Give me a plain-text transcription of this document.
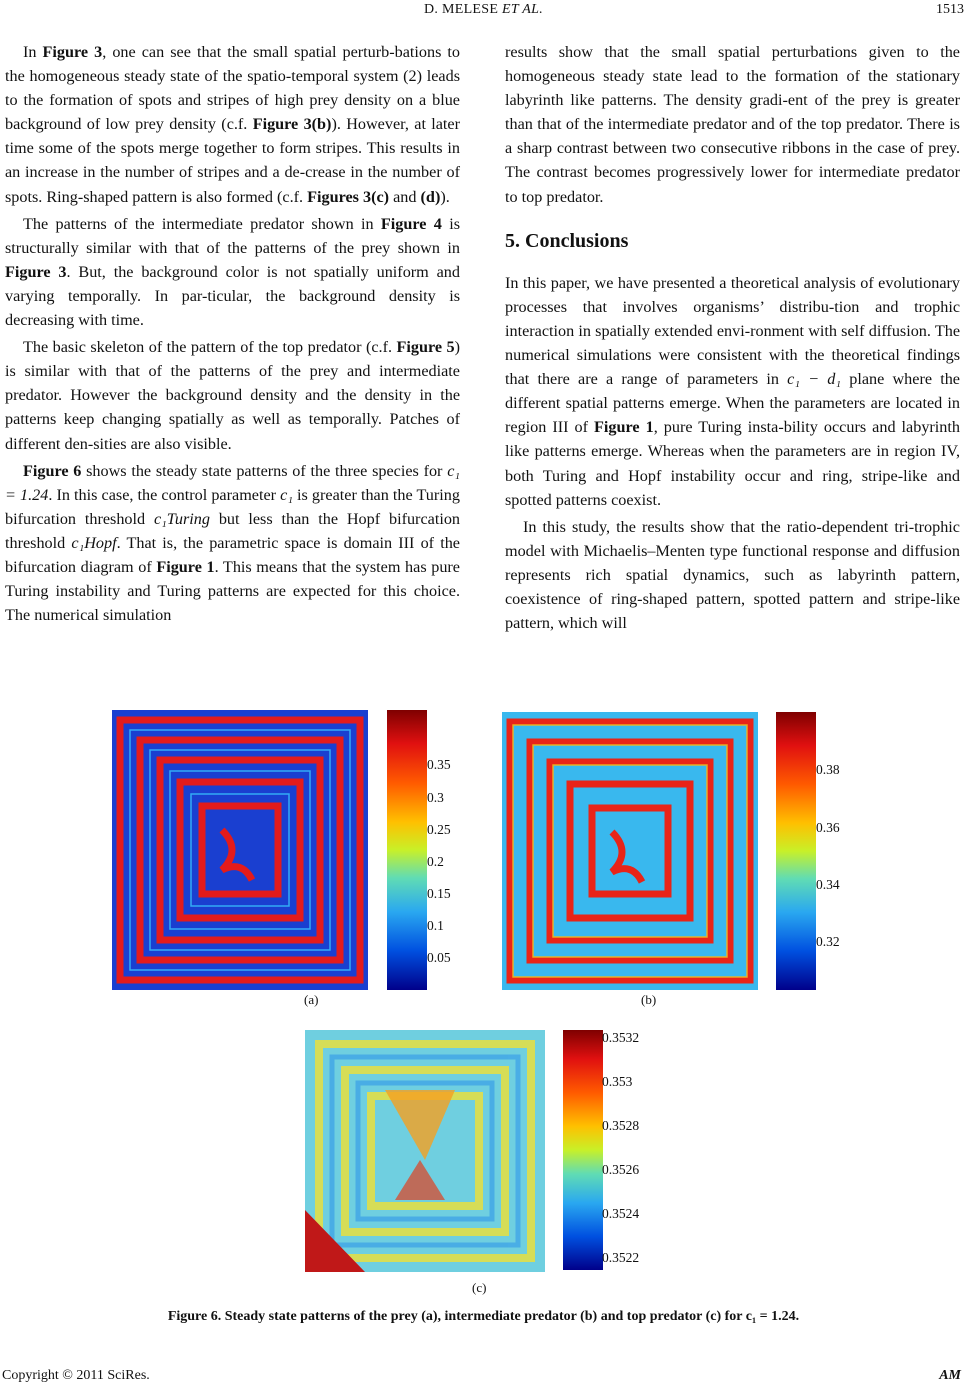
D. MELESE ET AL.	1513

In Figure 3, one can see that the small spatial perturb-bations to the homogeneous steady state of the spatio-temporal system (2) leads to the formation of spots and stripes of high prey density on a blue background of low prey density (c.f. Figure 3(b)). However, at later time some of the spots merge together to form stripes. This results in an increase in the number of stripes and a de-crease in the number of spots. Ring-shaped pattern is also formed (c.f. Figures 3(c) and (d)).

The patterns of the intermediate predator shown in Figure 4 is structurally similar with that of the patterns of the prey shown in Figure 3. But, the background color is not spatially uniform and varying temporally. In par-ticular, the background density is decreasing with time.

The basic skeleton of the pattern of the top predator (c.f. Figure 5) is similar with that of the patterns of the prey and intermediate predator. However the background density and the density in the patterns keep changing spatially as well as temporally. Patches of different den-sities are also visible.

Figure 6 shows the steady state patterns of the three species for c₁ = 1.24. In this case, the control parameter c₁ is greater than the Turing bifurcation threshold c₁Turing but less than the Hopf bifurcation threshold c₁Hopf. That is, the parametric space is domain III of the bifurcation diagram of Figure 1. This means that the system has pure Turing instability and Turing patterns are expected for this choice. The numerical simulation

results show that the small spatial perturbations given to the homogeneous steady state lead to the formation of the stationary labyrinth like patterns. The density gradi-ent of the prey is greater than that of the intermediate predator and of the top predator. There is a sharp contrast between two consecutive ribbons in the case of prey. The contrast becomes progressively lower for intermediate predator to top predator.

5. Conclusions

In this paper, we have presented a theoretical analysis of evolutionary processes that involves organisms’ distribu-tion and trophic interaction in spatially extended envi-ronment with self diffusion. The numerical simulations were consistent with the theoretical findings that there are a range of parameters in c₁ − d₁ plane where the different spatial patterns emerge. When the parameters are located in region III of Figure 1, pure Turing insta-bility occurs and labyrinth like patterns emerge. Whereas when the parameters are in region IV, both Turing and Hopf instability occur and ring, stripe-like and spotted patterns coexist.

In this study, the results show that the ratio-dependent tri-trophic model with Michaelis–Menten type functional response and diffusion represents rich spatial dynamics, such as labyrinth pattern, coexistence of ring-shaped pattern, spotted pattern and stripe-like pattern, which will

0.35
0.3
0.25
0.2
0.15
0.1
0.05
(a)
0.38
0.36
0.34
0.32
(b)
0.3532
0.353
0.3528
0.3526
0.3524
0.3522
(c)
Figure 6. Steady state patterns of the prey (a), intermediate predator (b) and top predator (c) for c₁ = 1.24.
Copyright © 2011 SciRes.	AM
